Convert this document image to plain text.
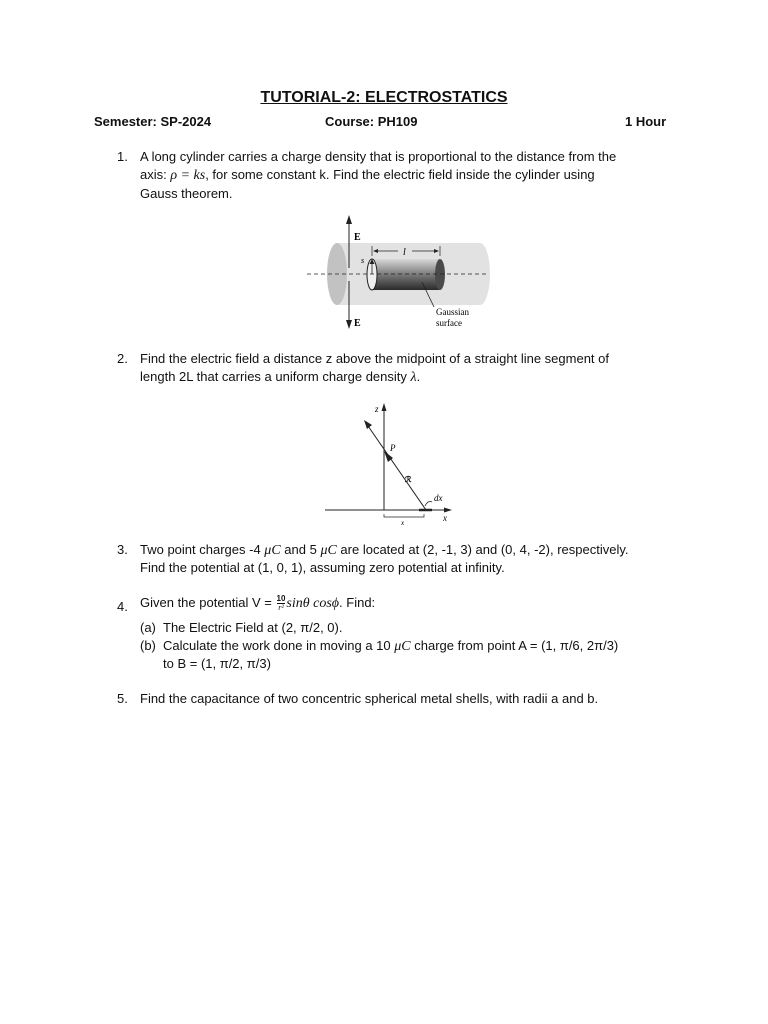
TUTORIAL-2: ELECTROSTATICS
Semester: SP-2024	Course: PH109	1 Hour
1. A long cylinder carries a charge density that is proportional to the distance from the
axis: ρ = ks, for some constant k. Find the electric field inside the cylinder using
Gauss theorem.
s
l
E
E
Gaussian
surface
2. Find the electric field a distance z above the midpoint of a straight line segment of
length 2L that carries a uniform charge density λ.
z
x
P
ℛ
dx
x
3. Two point charges -4 μC and 5 μC are located at (2, -1, 3) and (0, 4, -2), respectively.
Find the potential at (1, 0, 1), assuming zero potential at infinity.
4. Given the potential $V = \frac{10}{\text{r²}}$ sinθ cosϕ. Find:
(a) The Electric Field at (2, π/2, 0).
(b) Calculate the work done in moving a 10 μC charge from point A = (1, π/6, 2π/3)
to B = (1, π/2, π/3)
5. Find the capacitance of two concentric spherical metal shells, with radii a and b.
